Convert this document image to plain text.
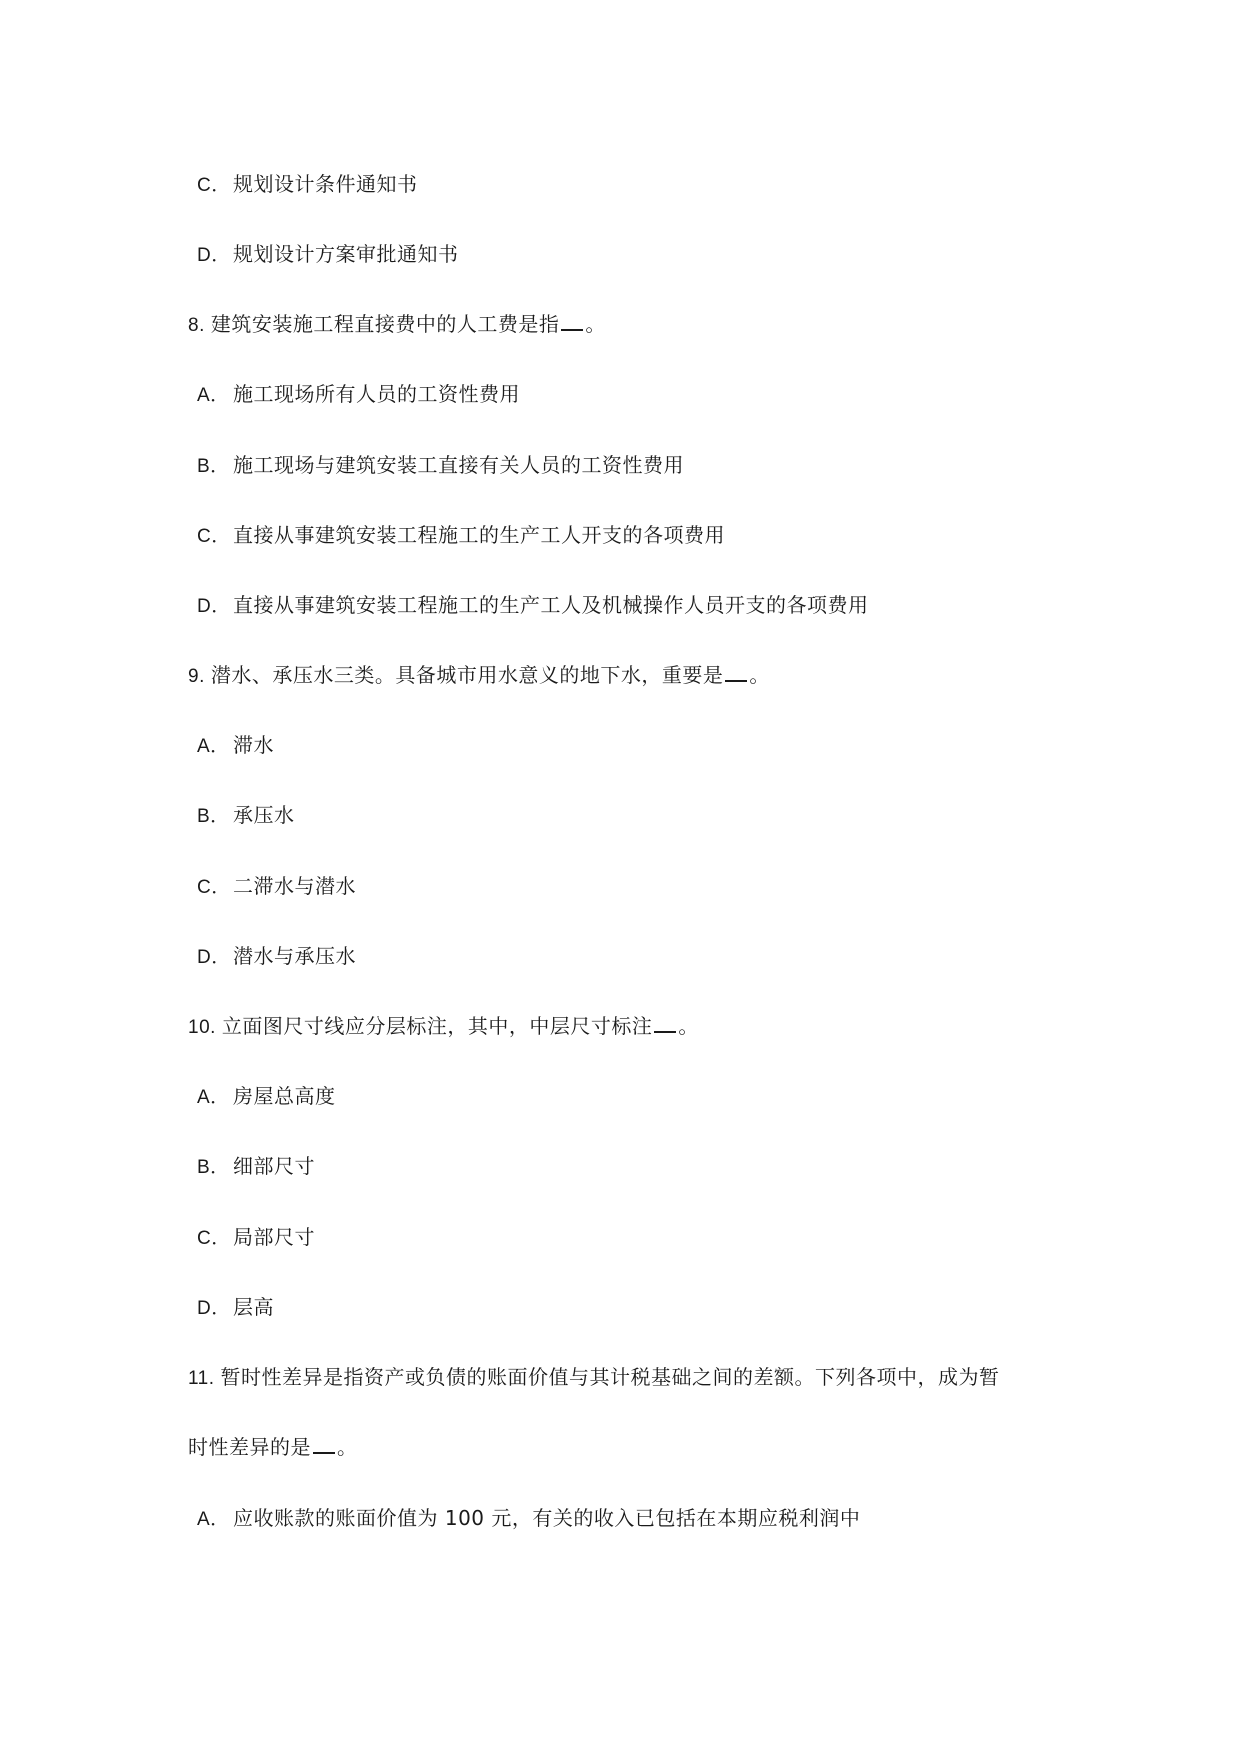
C． 规划设计条件通知书
D． 规划设计方案审批通知书
8. 建筑安装施工程直接费中的人工费是指 。
A． 施工现场所有人员的工资性费用
B． 施工现场与建筑安装工直接有关人员的工资性费用
C． 直接从事建筑安装工程施工的生产工人开支的各项费用
D． 直接从事建筑安装工程施工的生产工人及机械操作人员开支的各项费用
9. 潜水、承压水三类。具备城市用水意义的地下水，重要是 。
A． 滞水
B． 承压水
C． 二滞水与潜水
D． 潜水与承压水
10. 立面图尺寸线应分层标注，其中，中层尺寸标注 。
A． 房屋总高度
B． 细部尺寸
C． 局部尺寸
D． 层高
11. 暂时性差异是指资产或负债的账面价值与其计税基础之间的差额。下列各项中，成为暂
时性差异的是 。
A． 应收账款的账面价值为 100 元，有关的收入已包括在本期应税利润中
